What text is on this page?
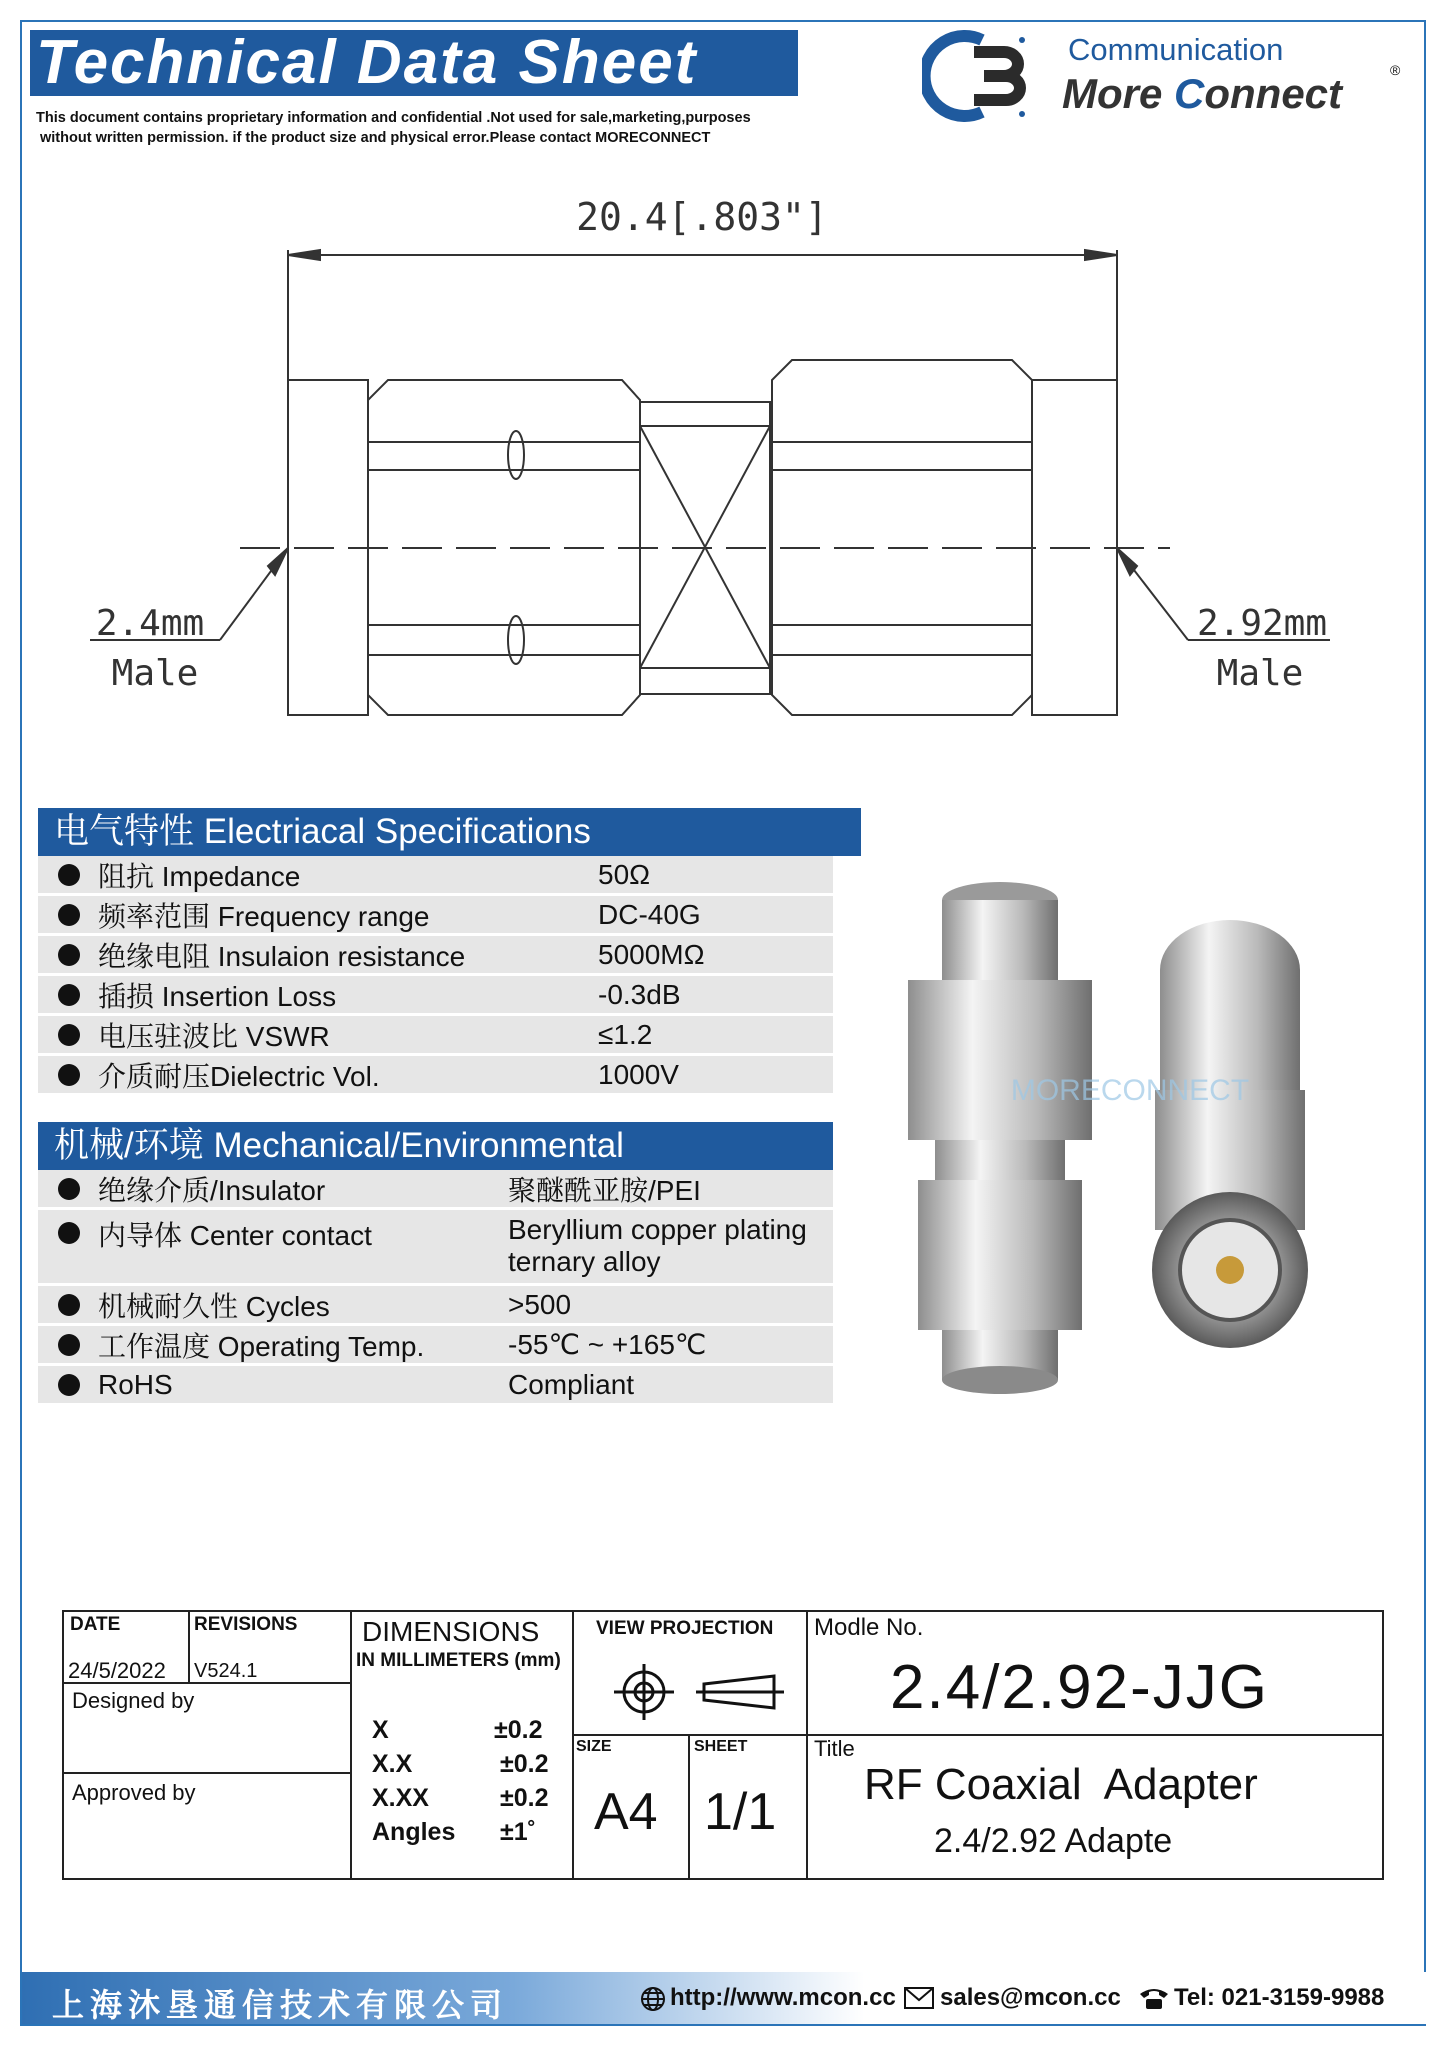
Technical Data Sheet
This document contains proprietary information and confidential .Not used for sale,marketing,purposes
without written permission. if the product size and physical error.Please contact MORECONNECT
Communication
More Connect	®
20.4[.803"]
2.4mm
Male
2.92mm
Male
电气特性 Electriacal Specifications
阻抗 Impedance	50Ω
频率范围 Frequency range	DC-40G
绝缘电阻 Insulaion resistance	5000MΩ
插损 Insertion Loss	-0.3dB
电压驻波比 VSWR	≤1.2
介质耐压Dielectric Vol.	1000V
机械/环境 Mechanical/Environmental
绝缘介质/Insulator	聚醚酰亚胺/PEI
内导体 Center contact	Beryllium copper plating
ternary alloy
机械耐久性 Cycles	>500
工作温度 Operating Temp.	-55℃ ~ +165℃
RoHS	Compliant
MORECONNECT
DATE	REVISIONS
24/5/2022 V524.1
Designed by
Approved by
DIMENSIONS
IN MILLIMETERS (mm)
X	±0.2
X.X	±0.2
X.XX	±0.2
Angles ±1˚
VIEW PROJECTION
SIZE
A4
SHEET
1/1
Modle No.
2.4/2.92-JJG
Title
RF Coaxial  Adapter
2.4/2.92 Adapte
上海沐垦通信技术有限公司	http://www.mcon.cc sales@mcon.cc Tel: 021-3159-9988
